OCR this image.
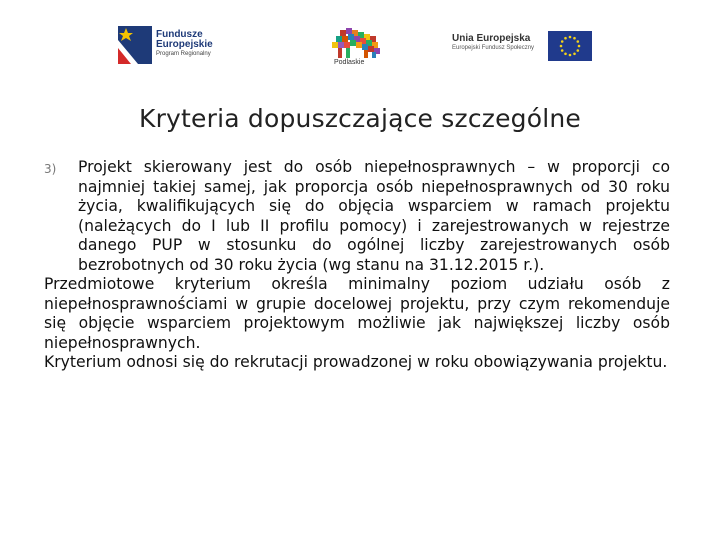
Fundusze
Europejskie
Program Regionalny
Podlaskie
Unia Europejska
Europejski Fundusz Społeczny
Kryteria dopuszczające szczególne
3) Projekt skierowany jest do osób niepełnosprawnych – w proporcji co najmniej takiej samej, jak proporcja osób niepełnosprawnych od 30 roku życia, kwalifikujących się do objęcia wsparciem w ramach projektu (należących do I lub II profilu pomocy) i zarejestrowanych w rejestrze danego PUP w stosunku do ogólnej liczby zarejestrowanych osób bezrobotnych od 30 roku życia (wg stanu na 31.12.2015 r.).
Przedmiotowe kryterium określa minimalny poziom udziału osób z niepełnosprawnościami w grupie docelowej projektu, przy czym rekomenduje się objęcie wsparciem projektowym możliwie jak największej liczby osób niepełnosprawnych.
Kryterium odnosi się do rekrutacji prowadzonej w roku obowiązywania projektu.
